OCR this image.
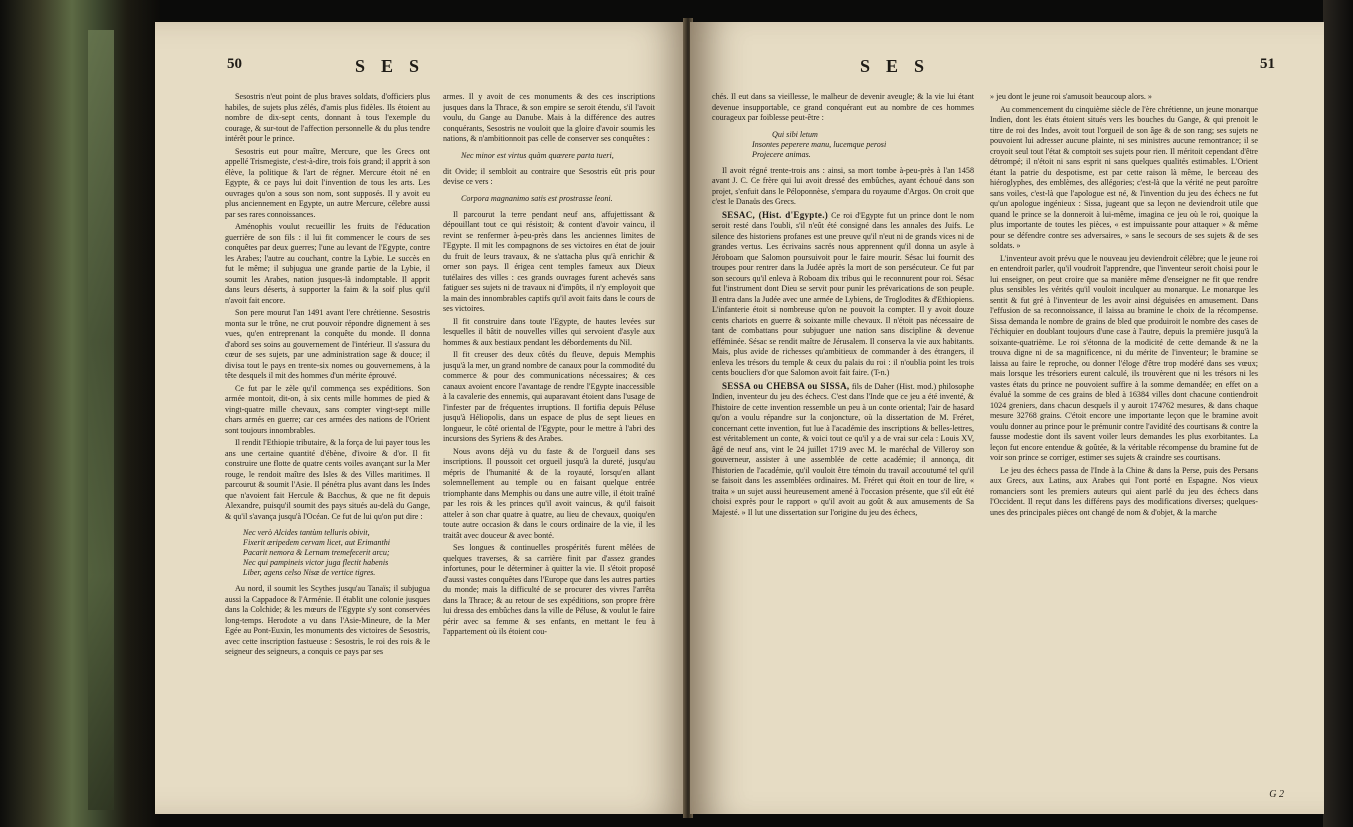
50	SES

Sesostris n'eut point de plus braves soldats, d'officiers plus habiles, de sujets plus zélés, d'amis plus fidèles. Ils étoient au nombre de dix-sept cents, donnant à tous l'exemple du courage, & sur-tout de l'affection personnelle & du plus tendre intérêt pour le prince.

Sesostris eut pour maître, Mercure, que les Grecs ont appellé Trismegiste, c'est-à-dire, trois fois grand; il apprit à son élève, la politique & l'art de régner. Mercure étoit né en Egypte, & ce pays lui doit l'invention de tous les arts. Les ouvrages qu'on a sous son nom, sont supposés. Il y avoit eu plus anciennement en Egypte, un autre Mercure, célebre aussi par ses rares connoissances.

Aménophis voulut recueillir les fruits de l'éducation guerrière de son fils : il lui fit commencer le cours de ses conquêtes par deux guerres; l'une au levant de l'Egypte, contre les Arabes; l'autre au couchant, contre la Lybie. Le succès en fut le même; il subjugua une grande partie de la Lybie, il soumit les Arabes, nation jusques-là indomptable. Il apprit dans leurs déserts, à supporter la faim & la soif plus qu'il n'avoit fait encore.

Son pere mourut l'an 1491 avant l'ere chrétienne. Sesostris monta sur le trône, ne crut pouvoir répondre dignement à ses vues, qu'en entreprenant la conquête du monde. Il donna d'abord ses soins au gouvernement de l'intérieur. Il s'assura du cœur de ses sujets, par une administration sage & douce; il divisa tout le pays en trente-six nomes ou gouvernemens, à la tête desquels il mit des hommes d'un mérite éprouvé.

Ce fut par le zèle qu'il commença ses expéditions. Son armée montoit, dit-on, à six cents mille hommes de pied & vingt-quatre mille chevaux, sans compter vingt-sept mille chars armés en guerre; car ces armées des nations de l'Orient sont toujours innombrables.

Il rendit l'Ethiopie tributaire, & la força de lui payer tous les ans une certaine quantité d'ébène, d'ivoire & d'or. Il fit construire une flotte de quatre cents voiles avançant sur la Mer rouge, le rendoit maître des Isles & des Villes maritimes. Il parcourut & soumit l'Asie. Il pénétra plus avant dans les Indes que n'avoient fait Hercule & Bacchus, & que ne fit depuis Alexandre, puisqu'il soumit des pays situés au-delà du Gange, & qu'il s'avança jusqu'à l'Océan. Ce fut de lui qu'on put dire :

Nec verò Alcides tantùm telluris obivit,
Fixerit æripedem cervam licet, aut Erimanthi
Pacarit nemora & Lernam tremefecerit arcu;
Nec qui pampineis victor juga flectit habenis
Liber, agens celso Nisæ de vertice tigres.

Au nord, il soumit les Scythes jusqu'au Tanaïs; il subjugua aussi la Cappadoce & l'Arménie. Il établit une colonie jusques dans la Colchide; & les mœurs de l'Egypte s'y sont conservées long-temps. Herodote a vu dans l'Asie-Mineure, de la Mer Egée au Pont-Euxin, les monuments des victoires de Sesostris, avec cette inscription fastueuse : Sesostris, le roi des rois & le seigneur des seigneurs, a conquis ce pays par ses

armes. Il y avoit de ces monuments & des ces inscriptions jusques dans la Thrace, & son empire se seroit étendu, s'il l'avoit voulu, du Gange au Danube. Mais à la différence des autres conquérants, Sesostris ne vouloit que la gloire d'avoir soumis les nations, & n'ambitionnoit pas celle de conserver ses conquêtes :

Nec minor est virtus quàm quærere parta tueri,

dit Ovide; il sembloit au contraire que Sesostris eût pris pour devise ce vers :

Corpora magnanimo satis est prostrasse leoni.

Il parcourut la terre pendant neuf ans, affujettissant & dépouillant tout ce qui résistoit; & content d'avoir vaincu, il revint se renfermer à-peu-près dans les anciennes limites de l'Egypte. Il mit les compagnons de ses victoires en état de jouir du fruit de leurs travaux, & ne s'attacha plus qu'à enrichir & orner son pays. Il érigea cent temples fameux aux Dieux tutélaires des villes : ces grands ouvrages furent achevés sans fatiguer ses sujets ni de travaux ni d'impôts, il n'y employoit que la main des innombrables captifs qu'il avoit faits dans le cours de ses victoires.

Il fit construire dans toute l'Egypte, de hautes levées sur lesquelles il bâtit de nouvelles villes qui servoient d'asyle aux hommes & aux bestiaux pendant les débordements du Nil.

Il fit creuser des deux côtés du fleuve, depuis Memphis jusqu'à la mer, un grand nombre de canaux pour la commodité du commerce & pour des communications nécessaires; & ces canaux avoient encore l'avantage de rendre l'Egypte inaccessible à la cavalerie des ennemis, qui auparavant étoient dans l'usage de l'infester par de fréquentes irruptions. Il fortifia depuis Péluse jusqu'à Héliopolis, dans un espace de plus de sept lieues en longueur, le côté oriental de l'Egypte, pour le mettre à l'abri des incursions des Syriens & des Arabes.

Nous avons déjà vu du faste & de l'orgueil dans ses inscriptions. Il poussoit cet orgueil jusqu'à la dureté, jusqu'au mépris de l'humanité & de la royauté, lorsqu'en allant solemnellement au temple ou en faisant quelque entrée triomphante dans Memphis ou dans une autre ville, il étoit traîné par les rois & les princes qu'il avoit vaincus, & qu'il faisoit atteler à son char quatre à quatre, au lieu de chevaux, quoiqu'en toute autre occasion & dans le cours ordinaire de la vie, il les traitât avec douceur & avec bonté.

Ses longues & continuelles prospérités furent mêlées de quelques traverses, & sa carrière finit par d'assez grandes infortunes, pour le déterminer à quitter la vie. Il s'étoit proposé d'aussi vastes conquêtes dans l'Europe que dans les autres parties du monde; mais la difficulté de se procurer des vivres l'arrêta dans la Thrace; & au retour de ses expéditions, son propre frère lui dressa des embûches dans la ville de Péluse, & voulut le faire périr avec sa femme & ses enfants, en mettant le feu à l'appartement où ils étoient cou-

SES	51

chés. Il eut dans sa vieillesse, le malheur de devenir aveugle; & la vie lui étant devenue insupportable, ce grand conquérant eut au nombre de ces hommes courageux par foiblesse peut-être :

Qui sibi letum
Insontes peperere manu, lucemque perosi
Projecere animas.

Il avoit régné trente-trois ans : ainsi, sa mort tombe à-peu-près à l'an 1458 avant J. C. Ce frère qui lui avoit dressé des embûches, ayant échoué dans son projet, s'enfuit dans le Péloponnèse, s'empara du royaume d'Argos. On croit que c'est le Danaüs des Grecs.

SESAC, (Hist. d'Egypte.) Ce roi d'Egypte fut un prince dont le nom seroit resté dans l'oubli, s'il n'eût été consigné dans les annales des Juifs. Le silence des historiens profanes est une preuve qu'il n'eut ni de grands vices ni de grandes vertus. Les écrivains sacrés nous apprennent qu'il donna un asyle à Jéroboam que Salomon poursuivoit pour le faire mourir. Sésac lui fournit des troupes pour rentrer dans la Judée après la mort de son persécuteur. Ce fut par son secours qu'il enleva à Roboam dix tribus qui le reconnurent pour roi. Sésac fut l'instrument dont Dieu se servit pour punir les prévarications de son peuple. Il entra dans la Judée avec une armée de Lybiens, de Troglodites & d'Ethiopiens. L'infanterie étoit si nombreuse qu'on ne pouvoit la compter. Il y avoit douze cents chariots en guerre & soixante mille chevaux. Il n'étoit pas nécessaire de tant de combattans pour subjuguer une nation sans discipline & devenue efféminée. Sésac se rendit maître de Jérusalem. Il conserva la vie aux habitants. Mais, plus avide de richesses qu'ambitieux de commander à des étrangers, il enleva les trésors du temple & ceux du palais du roi : il n'oublia point les trois cents boucliers d'or que Salomon avoit fait faire. (T-n.)

SESSA ou CHEBSA ou SISSA, fils de Daher (Hist. mod.) philosophe Indien, inventeur du jeu des échecs. C'est dans l'Inde que ce jeu a été inventé, & l'histoire de cette invention ressemble un peu à un conte oriental; l'air de hasard qu'on a voulu répandre sur la conjoncture, où la dissertation de M. Fréret, concernant cette invention, fut lue à l'académie des inscriptions & belles-lettres, est véritablement un conte, & voici tout ce qu'il y a de vrai sur cela : Louis XV, âgé de neuf ans, vint le 24 juillet 1719 avec M. le maréchal de Villeroy son gouverneur, assister à une assemblée de cette académie; il annonça, dit l'historien de l'académie, qu'il vouloit être témoin du travail accoutumé tel qu'il se faisoit dans les assemblées ordinaires. M. Fréret qui étoit en tour de lire, « traita » un sujet aussi heureusement amené à l'occasion présente, que s'il eût été choisi exprès pour le rapport » qu'il avoit au goût & aux amusements de Sa Majesté. » Il lut une dissertation sur l'origine du jeu des échecs,

» jeu dont le jeune roi s'amusoit beaucoup alors. »

Au commencement du cinquième siècle de l'ère chrétienne, un jeune monarque Indien, dont les états étoient situés vers les bouches du Gange, & qui prenoit le titre de roi des Indes, avoit tout l'orgueil de son âge & de son rang; ses sujets ne pouvoient lui adresser aucune plainte, ni ses ministres aucune remontrance; il se croyoit seul tout l'état & comptoit ses sujets pour rien. Il méritoit cependant d'être détrompé; il n'étoit ni sans esprit ni sans quelques qualités estimables. L'Orient étant la patrie du despotisme, est par cette raison là même, le berceau des hiéroglyphes, des emblèmes, des allégories; c'est-là que la vérité ne peut paroître sans voiles, c'est-là que l'apologue est né, & l'invention du jeu des échecs ne fut qu'un apologue ingénieux : Sissa, jugeant que sa leçon ne deviendroit utile que quand le prince se la donneroit à lui-même, imagina ce jeu où le roi, quoique la plus importante de toutes les pièces, « est impuissante pour attaquer » & même pour se défendre contre ses adversaires, » sans le secours de ses sujets & de ses soldats. »

L'inventeur avoit prévu que le nouveau jeu deviendroit célèbre; que le jeune roi en entendroit parler, qu'il voudroit l'apprendre, que l'inventeur seroit choisi pour le lui enseigner, on peut croire que sa manière même d'enseigner ne fit que rendre plus sensibles les vérités qu'il vouloit inculquer au monarque. Le monarque les sentit & fut gré à l'inventeur de les avoir ainsi déguisées en amusement. Dans l'effusion de sa reconnoissance, il laissa au bramine le choix de la récompense. Sissa demanda le nombre de grains de bled que produiroit le nombre des cases de l'échiquier en doublant toujours d'une case à l'autre, depuis la première jusqu'à la soixante-quatrième. Le roi s'étonna de la modicité de cette demande & ne la trouva digne ni de sa magnificence, ni du mérite de l'inventeur; le bramine se laissa au faire le reproche, ou donner l'éloge d'être trop modéré dans ses vœux; mais lorsque les trésoriers eurent calculé, ils trouvèrent que ni les trésors ni les vastes états du prince ne pouvoient suffire à la somme demandée; en effet on a évalué la somme de ces grains de bled à 16384 villes dont chacune contiendroit 1024 greniers, dans chacun desquels il y auroit 174762 mesures, & dans chaque mesure 32768 grains. C'étoit encore une importante leçon que le bramine avoit voulu donner au prince pour le prémunir contre l'avidité des courtisans & contre la fausse modestie dont ils savent voiler leurs demandes les plus exorbitantes. La leçon fut encore entendue & goûtée, & la véritable récompense du bramine fut de voir son prince se corriger, estimer ses sujets & craindre ses courtisans.

Le jeu des échecs passa de l'Inde à la Chine & dans la Perse, puis des Persans aux Grecs, aux Latins, aux Arabes qui l'ont porté en Espagne. Nos vieux romanciers sont les premiers auteurs qui aient parlé du jeu des échecs dans l'Occident. Il reçut dans les différens pays des modifications diverses; quelques-unes des principales pièces ont changé de nom & d'objet, & la marche

G 2
